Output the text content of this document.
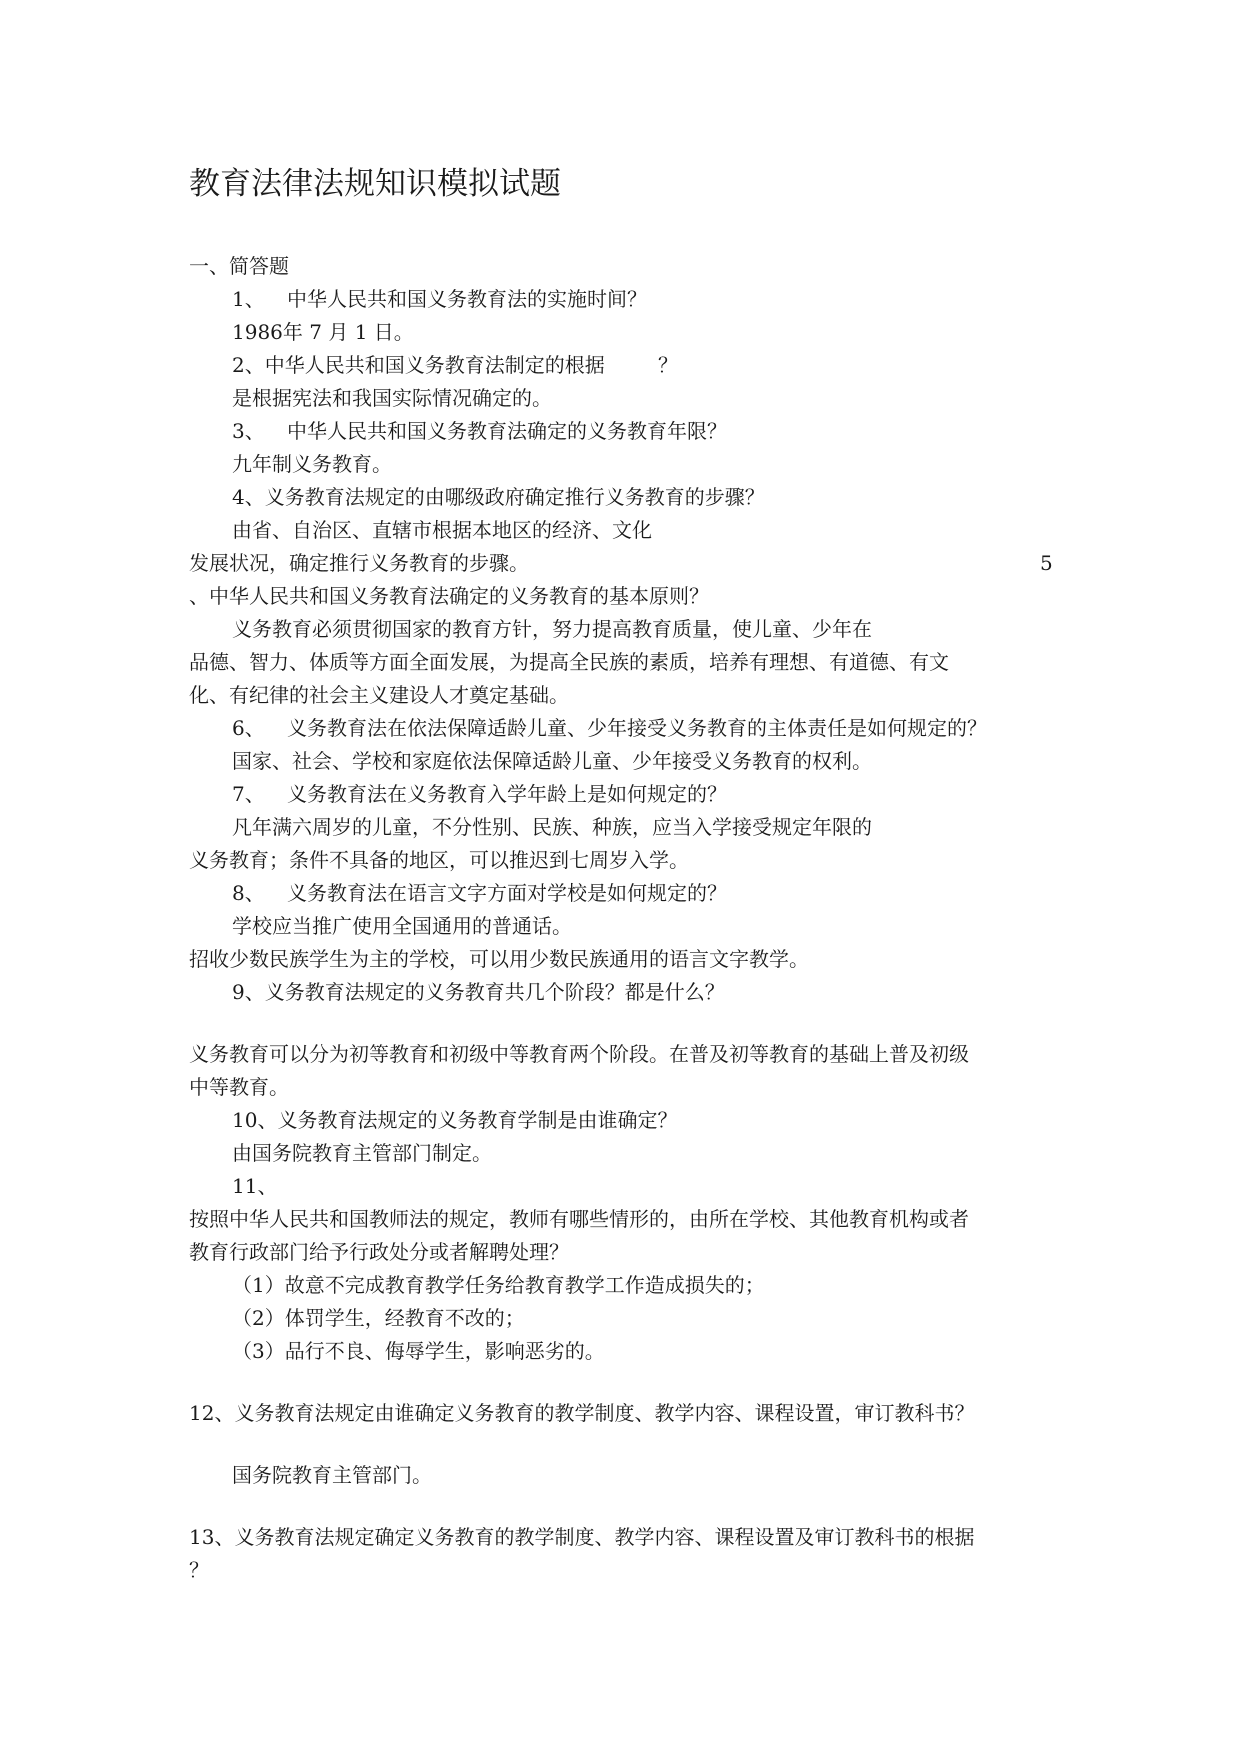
教育法律法规知识模拟试题
一、简答题
1、 中华人民共和国义务教育法的实施时间？
1986年 7 月 1 日。
2、中华人民共和国义务教育法制定的根据	？
是根据宪法和我国实际情况确定的。
3、 中华人民共和国义务教育法确定的义务教育年限？
九年制义务教育。
4、义务教育法规定的由哪级政府确定推行义务教育的步骤？
由省、自治区、直辖市根据本地区的经济、文化
发展状况，确定推行义务教育的步骤。	5
、中华人民共和国义务教育法确定的义务教育的基本原则？
义务教育必须贯彻国家的教育方针，努力提高教育质量，使儿童、少年在
品德、智力、体质等方面全面发展，为提高全民族的素质，培养有理想、有道德、有文
化、有纪律的社会主义建设人才奠定基础。
6、 义务教育法在依法保障适龄儿童、少年接受义务教育的主体责任是如何规定的？
国家、社会、学校和家庭依法保障适龄儿童、少年接受义务教育的权利。
7、 义务教育法在义务教育入学年龄上是如何规定的？
凡年满六周岁的儿童，不分性别、民族、种族，应当入学接受规定年限的
义务教育；条件不具备的地区，可以推迟到七周岁入学。
8、 义务教育法在语言文字方面对学校是如何规定的？
学校应当推广使用全国通用的普通话。
招收少数民族学生为主的学校，可以用少数民族通用的语言文字教学。
9、义务教育法规定的义务教育共几个阶段？都是什么？
义务教育可以分为初等教育和初级中等教育两个阶段。在普及初等教育的基础上普及初级
中等教育。
10、义务教育法规定的义务教育学制是由谁确定？
由国务院教育主管部门制定。
11、
按照中华人民共和国教师法的规定，教师有哪些情形的，由所在学校、其他教育机构或者
教育行政部门给予行政处分或者解聘处理？
（1）故意不完成教育教学任务给教育教学工作造成损失的；
（2）体罚学生，经教育不改的；
（3）品行不良、侮辱学生，影响恶劣的。
12、义务教育法规定由谁确定义务教育的教学制度、教学内容、课程设置，审订教科书？
国务院教育主管部门。
13、义务教育法规定确定义务教育的教学制度、教学内容、课程设置及审订教科书的根据
？
